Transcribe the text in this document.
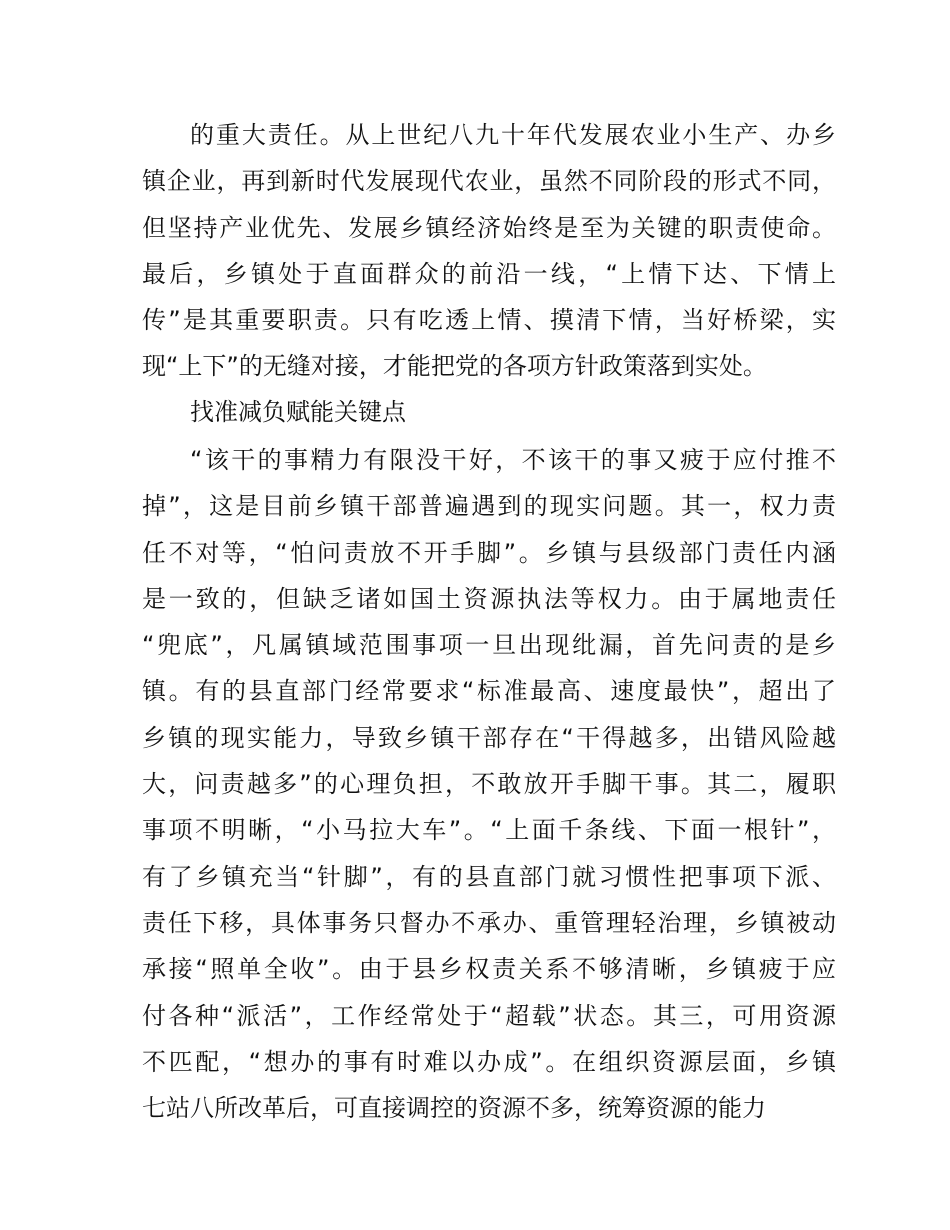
的重大责任。从上世纪八九十年代发展农业小生产、办乡
镇企业，再到新时代发展现代农业，虽然不同阶段的形式不同，
但坚持产业优先、发展乡镇经济始终是至为关键的职责使命。
最后，乡镇处于直面群众的前沿一线，“上情下达、下情上
传”是其重要职责。只有吃透上情、摸清下情，当好桥梁，实
现“上下”的无缝对接，才能把党的各项方针政策落到实处。
找准减负赋能关键点
“该干的事精力有限没干好，不该干的事又疲于应付推不
掉”，这是目前乡镇干部普遍遇到的现实问题。其一，权力责
任不对等，“怕问责放不开手脚”。乡镇与县级部门责任内涵
是一致的，但缺乏诸如国土资源执法等权力。由于属地责任
“兜底”，凡属镇域范围事项一旦出现纰漏，首先问责的是乡
镇。有的县直部门经常要求“标准最高、速度最快”，超出了
乡镇的现实能力，导致乡镇干部存在“干得越多，出错风险越
大，问责越多”的心理负担，不敢放开手脚干事。其二，履职
事项不明晰，“小马拉大车”。“上面千条线、下面一根针”，
有了乡镇充当“针脚”，有的县直部门就习惯性把事项下派、
责任下移，具体事务只督办不承办、重管理轻治理，乡镇被动
承接“照单全收”。由于县乡权责关系不够清晰，乡镇疲于应
付各种“派活”，工作经常处于“超载”状态。其三，可用资源
不匹配，“想办的事有时难以办成”。在组织资源层面，乡镇
七站八所改革后，可直接调控的资源不多，统筹资源的能力
